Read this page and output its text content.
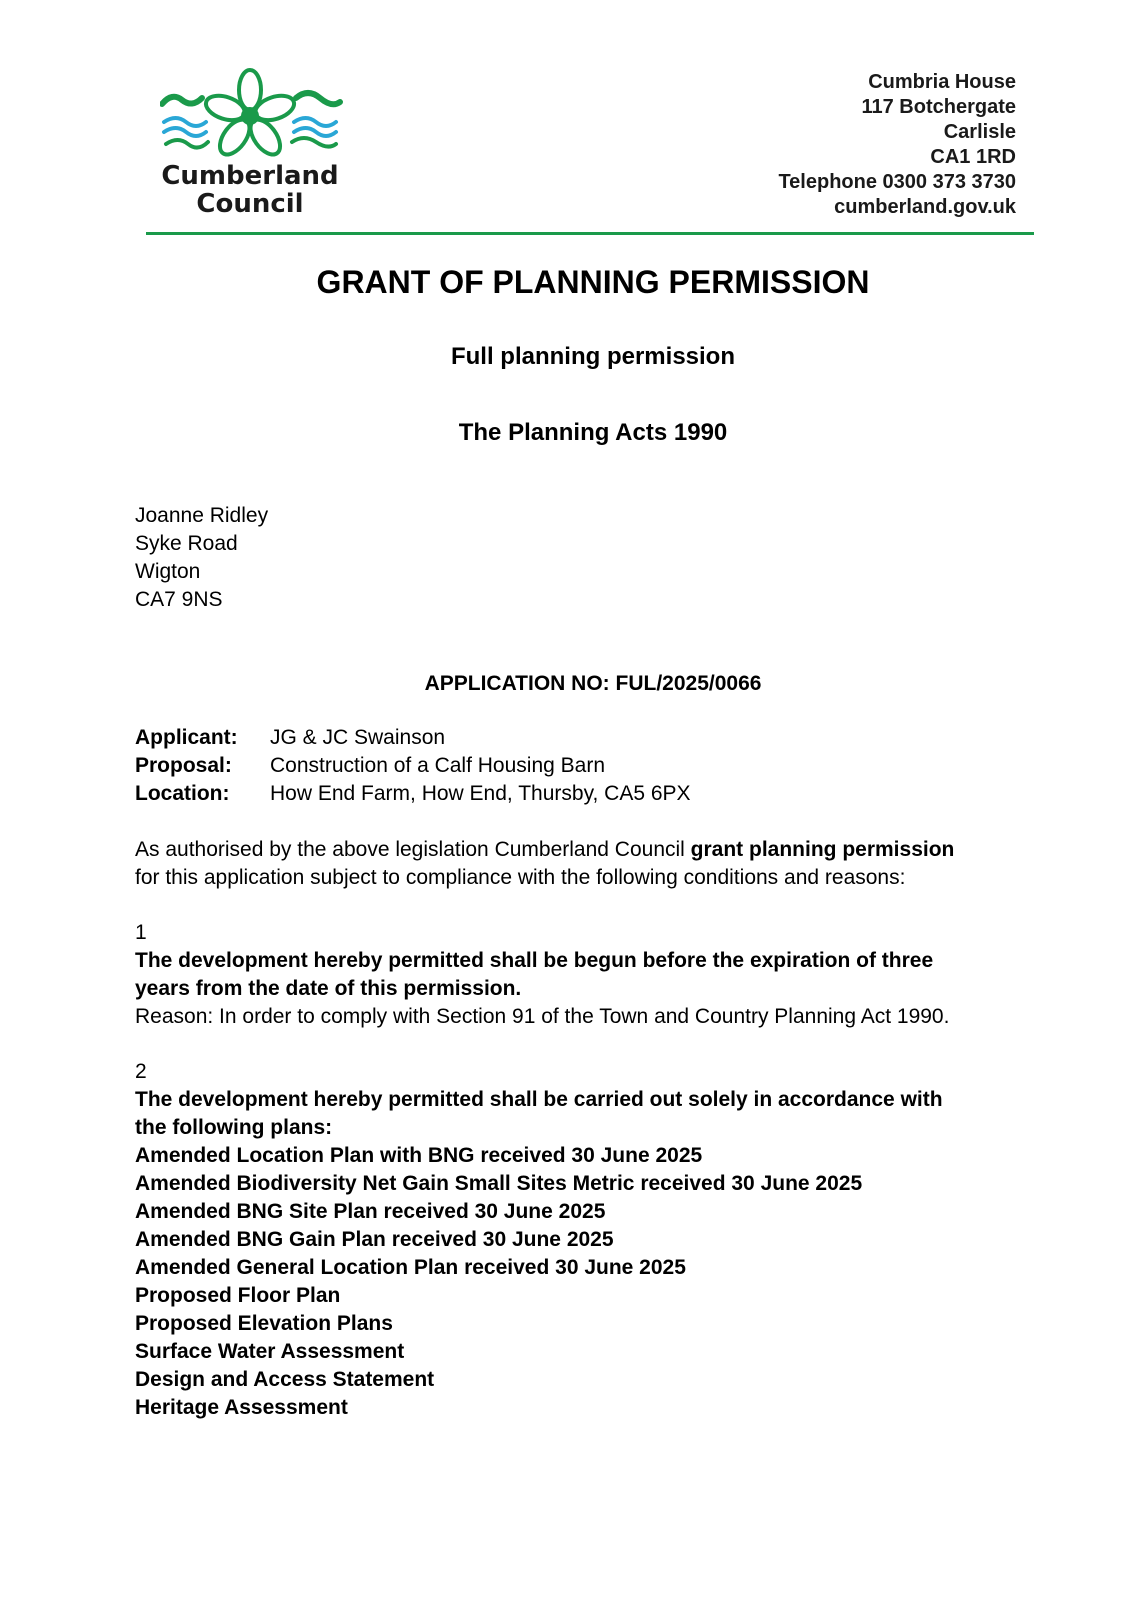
Cumberland
Council
Cumbria House
117 Botchergate
Carlisle
CA1 1RD
Telephone 0300 373 3730
cumberland.gov.uk
GRANT OF PLANNING PERMISSION
Full planning permission
The Planning Acts 1990
Joanne Ridley
Syke Road
Wigton
CA7 9NS
APPLICATION NO: FUL/2025/0066
Applicant:	JG & JC Swainson
Proposal:	Construction of a Calf Housing Barn
Location:	How End Farm, How End, Thursby, CA5 6PX
As authorised by the above legislation Cumberland Council grant planning permission
for this application subject to compliance with the following conditions and reasons:
1
The development hereby permitted shall be begun before the expiration of three
years from the date of this permission.
Reason: In order to comply with Section 91 of the Town and Country Planning Act 1990.
2
The development hereby permitted shall be carried out solely in accordance with
the following plans:
Amended Location Plan with BNG received 30 June 2025
Amended Biodiversity Net Gain Small Sites Metric received 30 June 2025
Amended BNG Site Plan received 30 June 2025
Amended BNG Gain Plan received 30 June 2025
Amended General Location Plan received 30 June 2025
Proposed Floor Plan
Proposed Elevation Plans
Surface Water Assessment
Design and Access Statement
Heritage Assessment
